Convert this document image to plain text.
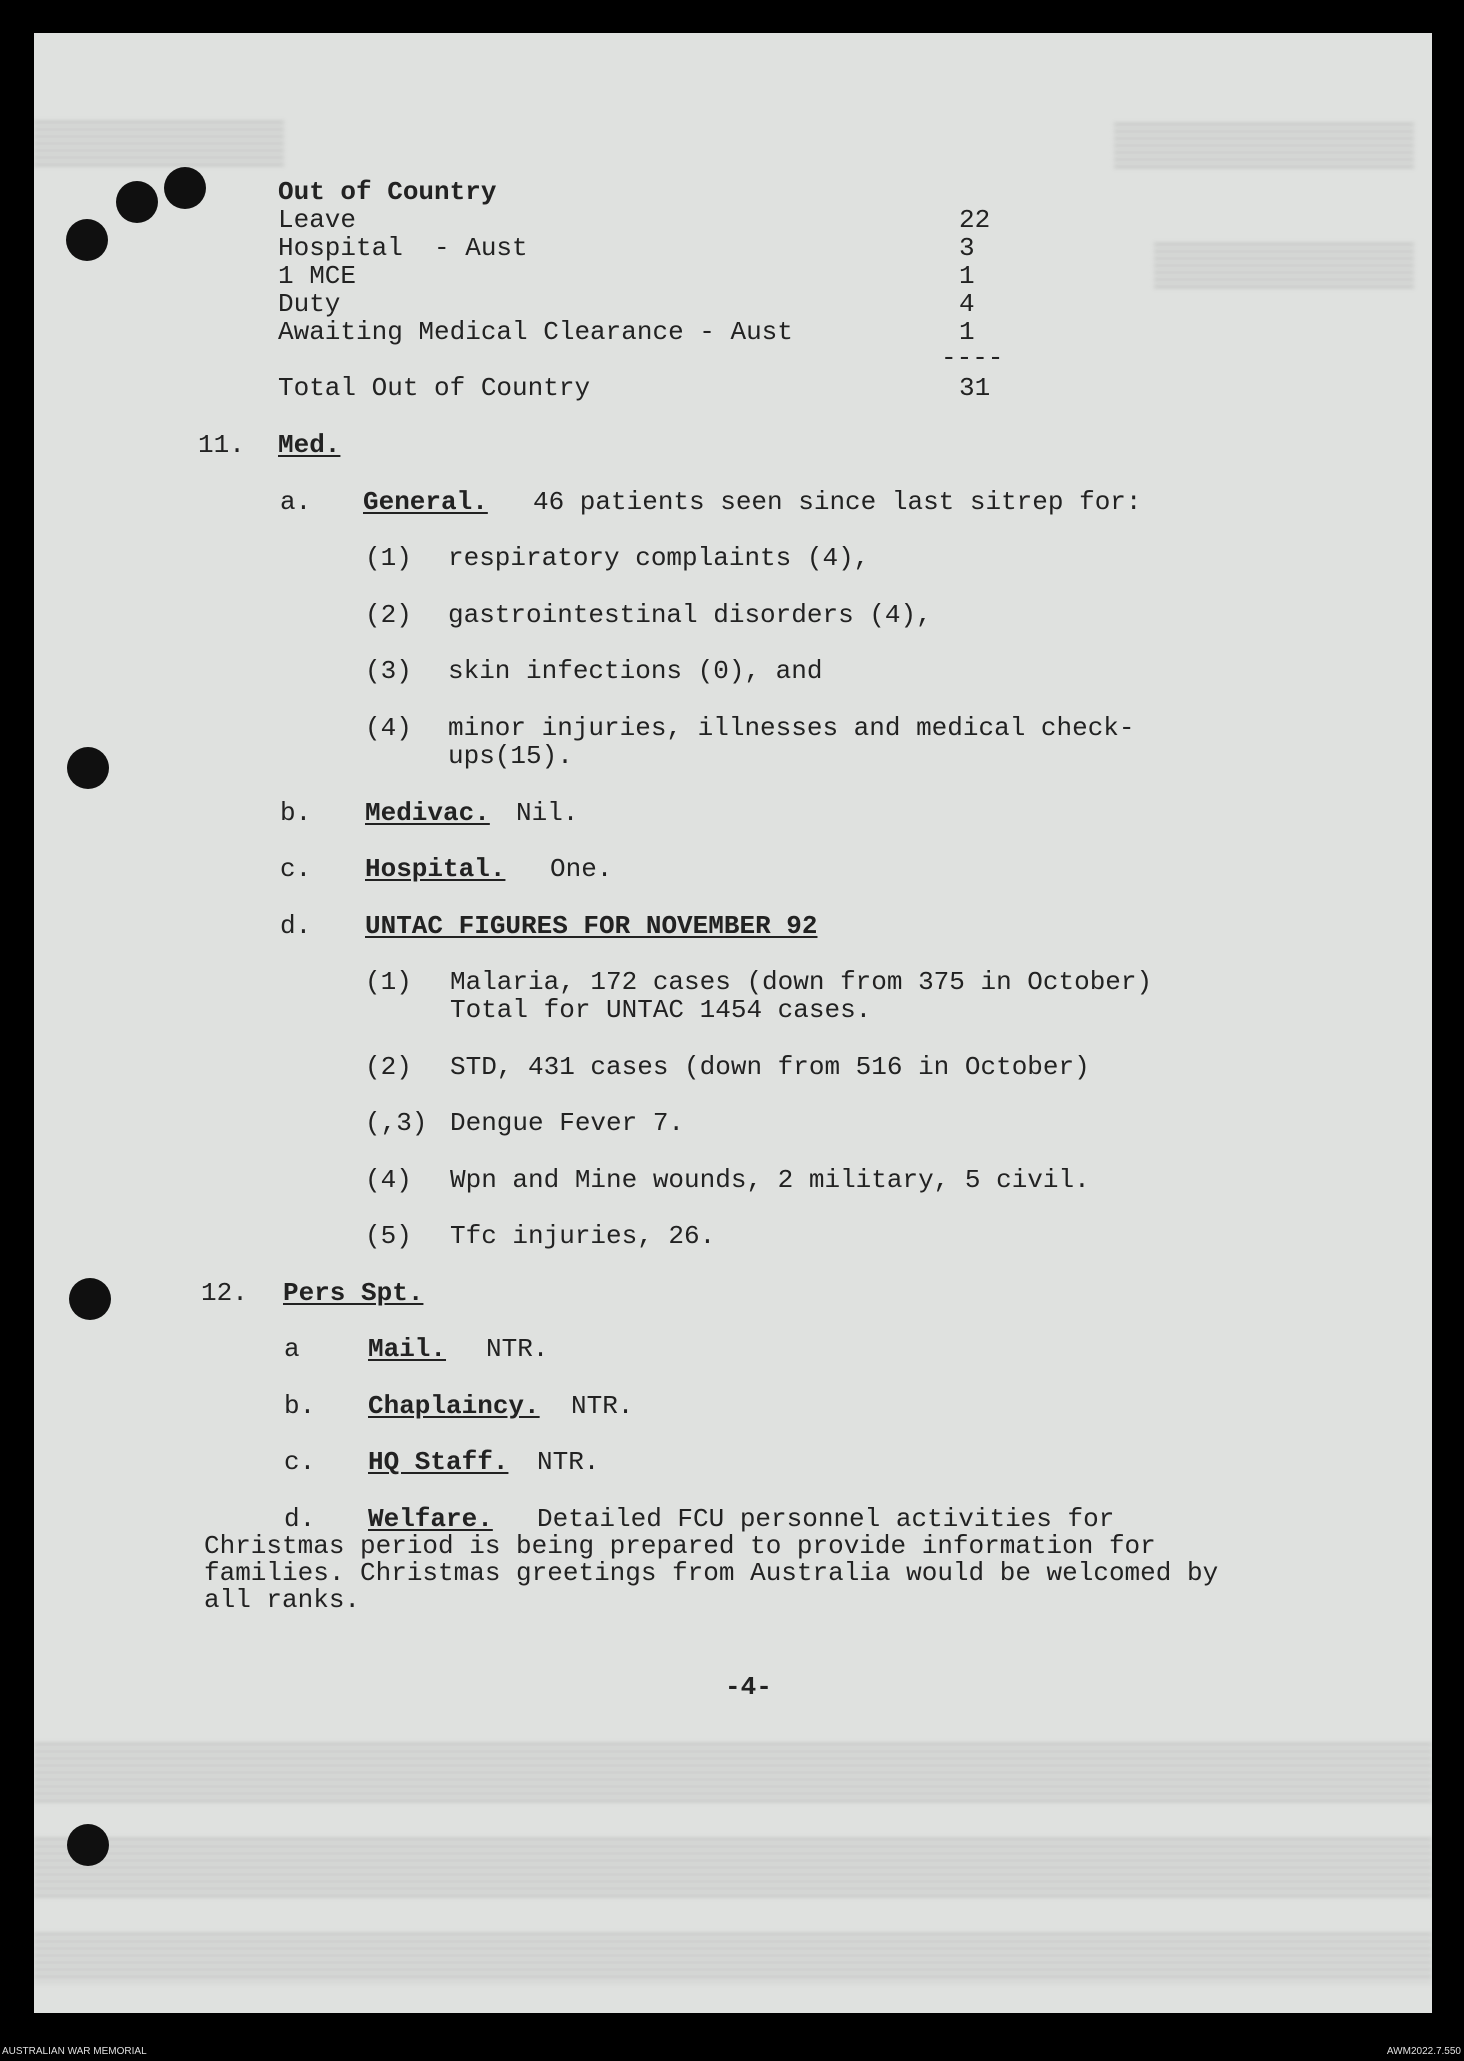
Out of Country
Leave	22
Hospital  - Aust	3
1 MCE	1
Duty	4
Awaiting Medical Clearance - Aust	1
----
Total Out of Country	31
11. Med.
a. General. 46 patients seen since last sitrep for:
(1) respiratory complaints (4),
(2) gastrointestinal disorders (4),
(3) skin infections (0), and
(4) minor injuries, illnesses and medical check-
ups(15).
b. Medivac. Nil.
c. Hospital. One.
d. UNTAC FIGURES FOR NOVEMBER 92
(1) Malaria, 172 cases (down from 375 in October)
Total for UNTAC 1454 cases.
(2) STD, 431 cases (down from 516 in October)
(,3) Dengue Fever 7.
(4) Wpn and Mine wounds, 2 military, 5 civil.
(5) Tfc injuries, 26.
12. Pers Spt.
a	Mail. NTR.
b. Chaplaincy. NTR.
c. HQ Staff. NTR.
d. Welfare. Detailed FCU personnel activities for
Christmas period is being prepared to provide information for
families. Christmas greetings from Australia would be welcomed by
all ranks.
-4-
AUSTRALIAN WAR MEMORIAL	AWM2022.7.550
